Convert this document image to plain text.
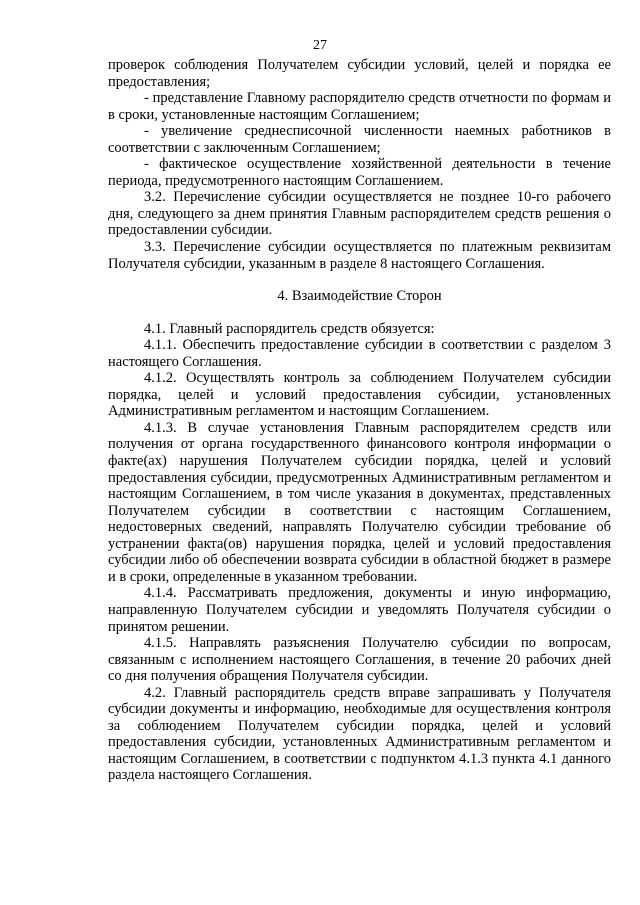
27

проверок соблюдения Получателем субсидии условий, целей и порядка ее предоставления;

- представление Главному распорядителю средств отчетности по формам и в сроки, установленные настоящим Соглашением;

- увеличение среднесписочной численности наемных работников в соответствии с заключенным Соглашением;

- фактическое осуществление хозяйственной деятельности в течение периода, предусмотренного настоящим Соглашением.

3.2. Перечисление субсидии осуществляется не позднее 10-го рабочего дня, следующего за днем принятия Главным распорядителем средств решения о предоставлении субсидии.

3.3. Перечисление субсидии осуществляется по платежным реквизитам Получателя субсидии, указанным в разделе 8 настоящего Соглашения.

4. Взаимодействие Сторон

4.1. Главный распорядитель средств обязуется:

4.1.1. Обеспечить предоставление субсидии в соответствии с разделом 3 настоящего Соглашения.

4.1.2. Осуществлять контроль за соблюдением Получателем субсидии порядка, целей и условий предоставления субсидии, установленных Административным регламентом и настоящим Соглашением.

4.1.3. В случае установления Главным распорядителем средств или получения от органа государственного финансового контроля информации о факте(ах) нарушения Получателем субсидии порядка, целей и условий предоставления субсидии, предусмотренных Административным регламентом и настоящим Соглашением, в том числе указания в документах, представленных Получателем субсидии в соответствии с настоящим Соглашением, недостоверных сведений, направлять Получателю субсидии требование об устранении факта(ов) нарушения порядка, целей и условий предоставления субсидии либо об обеспечении возврата субсидии в областной бюджет в размере и в сроки, определенные в указанном требовании.

4.1.4. Рассматривать предложения, документы и иную информацию, направленную Получателем субсидии и уведомлять Получателя субсидии о принятом решении.

4.1.5. Направлять разъяснения Получателю субсидии по вопросам, связанным с исполнением настоящего Соглашения, в течение 20 рабочих дней со дня получения обращения Получателя субсидии.

4.2. Главный распорядитель средств вправе запрашивать у Получателя субсидии документы и информацию, необходимые для осуществления контроля за соблюдением Получателем субсидии порядка, целей и условий предоставления субсидии, установленных Административным регламентом и настоящим Соглашением, в соответствии с подпунктом 4.1.3 пункта 4.1 данного раздела настоящего Соглашения.
